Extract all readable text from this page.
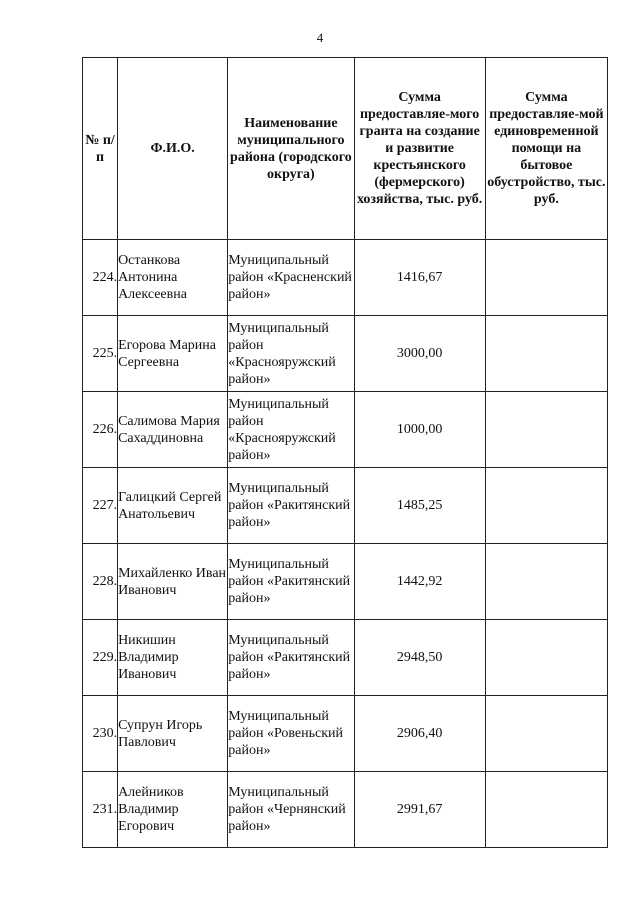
4
№ п/п	Ф.И.О.	Наименование муниципального района (городского округа)	Сумма предоставляе-мого гранта на создание и развитие крестьянского (фермерского) хозяйства, тыс. руб.	Сумма предоставляе-мой единовременной помощи на бытовое обустройство, тыс. руб.
224.	Останкова Антонина Алексеевна	Муниципальный район «Красненский район»	1416,67	
225.	Егорова Марина Сергеевна	Муниципальный район «Краснояружский район»	3000,00	
226.	Салимова Мария Сахаддиновна	Муниципальный район «Краснояружский район»	1000,00	
227.	Галицкий Сергей Анатольевич	Муниципальный район «Ракитянский район»	1485,25	
228.	Михайленко Иван Иванович	Муниципальный район «Ракитянский район»	1442,92	
229.	Никишин Владимир Иванович	Муниципальный район «Ракитянский район»	2948,50	
230.	Супрун Игорь Павлович	Муниципальный район «Ровеньский район»	2906,40	
231.	Алейников Владимир Егорович	Муниципальный район «Чернянский район»	2991,67	
